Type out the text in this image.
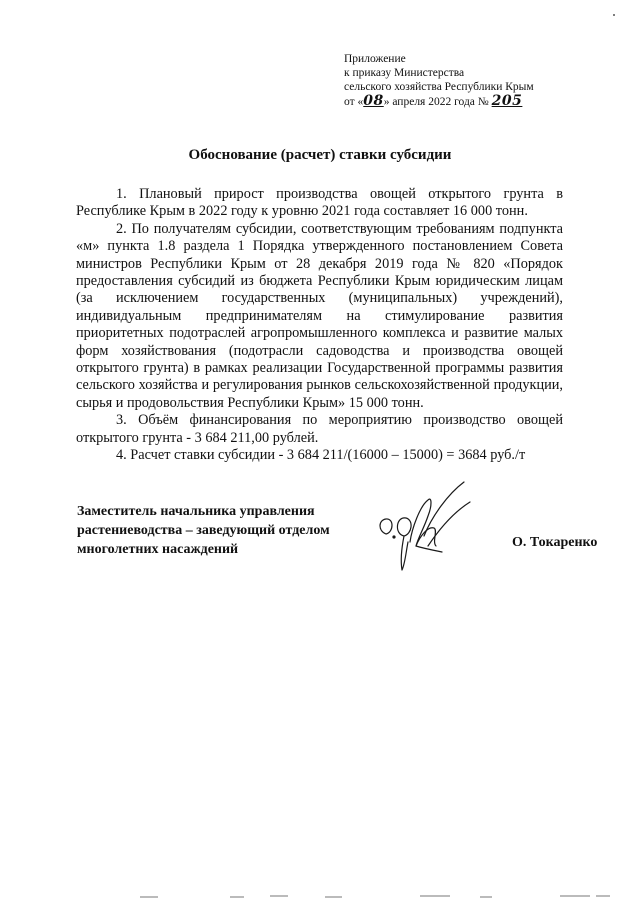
Приложение
к приказу Министерства
сельского хозяйства Республики Крым
от «08» апреля 2022 года № 205
Обоснование (расчет) ставки субсидии

1. Плановый прирост производства овощей открытого грунта в Республике Крым в 2022 году к уровню 2021 года составляет 16 000 тонн.

2. По получателям субсидии, соответствующим требованиям подпункта «м» пункта 1.8 раздела 1 Порядка утвержденного постановлением Совета министров Республики Крым от 28 декабря 2019 года № 820 «Порядок предоставления субсидий из бюджета Республики Крым юридическим лицам (за исключением государственных (муниципальных) учреждений), индивидуальным предпринимателям на стимулирование развития приоритетных подотраслей агропромышленного комплекса и развитие малых форм хозяйствования (подотрасли садоводства и производства овощей открытого грунта) в рамках реализации Государственной программы развития сельского хозяйства и регулирования рынков сельскохозяйственной продукции, сырья и продовольствия Республики Крым» 15 000 тонн.

3. Объём финансирования по мероприятию производство овощей открытого грунта - 3 684 211,00 рублей.

4. Расчет ставки субсидии - 3 684 211/(16000 – 15000) = 3684 руб./т

Заместитель начальника управления
растениеводства – заведующий отделом
многолетних насаждений	О. Токаренко
